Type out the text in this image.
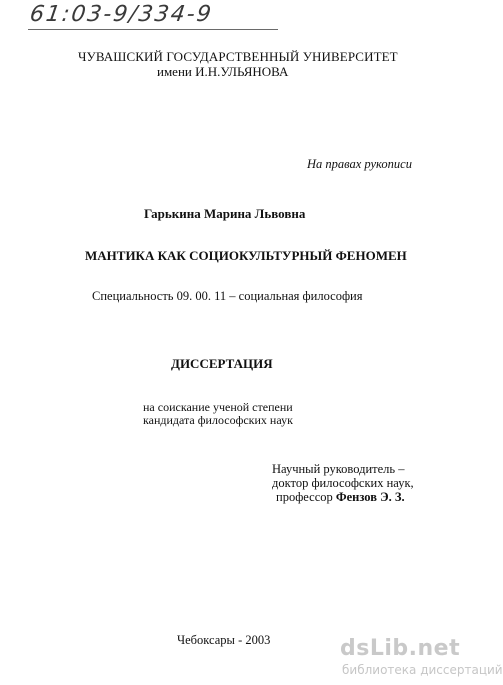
61:03-9/334-9
ЧУВАШСКИЙ ГОСУДАРСТВЕННЫЙ УНИВЕРСИТЕТ
имени И.Н.УЛЬЯНОВА
На правах рукописи
Гарькина Марина Львовна
МАНТИКА КАК СОЦИОКУЛЬТУРНЫЙ ФЕНОМЕН
Специальность 09. 00. 11 – социальная философия
ДИССЕРТАЦИЯ
на соискание ученой степени
кандидата философских наук
Научный руководитель –
доктор философских наук,
профессор Фензов Э. З.
Чебоксары - 2003	dsLib.net
библиотека диссертаций
